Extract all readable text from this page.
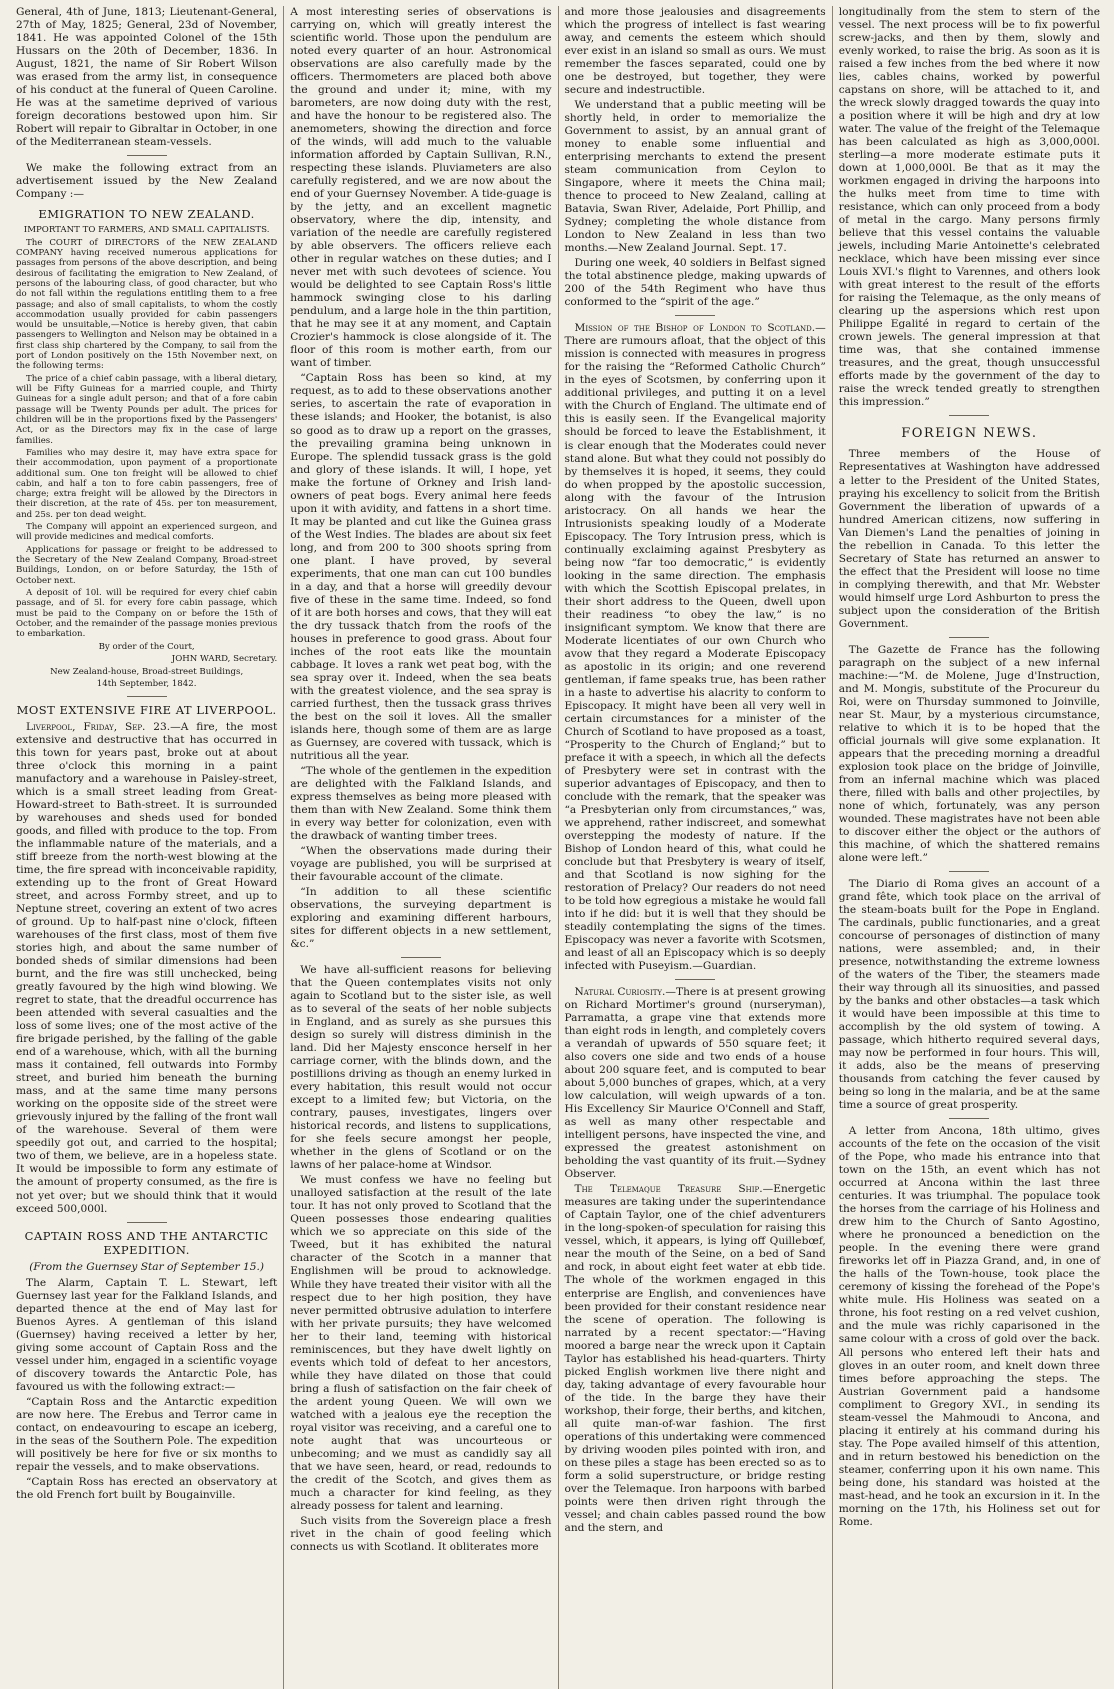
General, 4th of June, 1813; Lieutenant-General, 27th of May, 1825; General, 23d of November, 1841. He was appointed Colonel of the 15th Hussars on the 20th of December, 1836. In August, 1821, the name of Sir Robert Wilson was erased from the army list, in consequence of his conduct at the funeral of Queen Caroline. He was at the sametime deprived of various foreign decorations bestowed upon him. Sir Robert will repair to Gibraltar in October, in one of the Mediterranean steam-vessels.

We make the following extract from an advertisement issued by the New Zealand Company :—

EMIGRATION TO NEW ZEALAND.

IMPORTANT TO FARMERS, AND SMALL CAPITALISTS.

The COURT of DIRECTORS of the NEW ZEALAND COMPANY having received numerous applications for passages from persons of the above description, and being desirous of facilitating the emigration to New Zealand, of persons of the labouring class, of good character, but who do not fall within the regulations entitling them to a free passage; and also of small capitalists, to whom the costly accommodation usually provided for cabin passengers would be unsuitable,—Notice is hereby given, that cabin passengers to Wellington and Nelson may be obtained in a first class ship chartered by the Company, to sail from the port of London positively on the 15th November next, on the following terms:

The price of a chief cabin passage, with a liberal dietary, will be Fifty Guineas for a married couple, and Thirty Guineas for a single adult person; and that of a fore cabin passage will be Twenty Pounds per adult. The prices for children will be in the proportions fixed by the Passengers' Act, or as the Directors may fix in the case of large families.

Families who may desire it, may have extra space for their accommodation, upon payment of a proportionate additional sum. One ton freight will be allowed to chief cabin, and half a ton to fore cabin passengers, free of charge; extra freight will be allowed by the Directors in their discretion, at the rate of 45s. per ton measurement, and 25s. per ton dead weight.

The Company will appoint an experienced surgeon, and will provide medicines and medical comforts.

Applications for passage or freight to be addressed to the Secretary of the New Zealand Company, Broad-street Buildings, London, on or before Saturday, the 15th of October next.

A deposit of 10l. will be required for every chief cabin passage, and of 5l. for every fore cabin passage, which must be paid to the Company on or before the 15th of October, and the remainder of the passage monies previous to embarkation.

By order of the Court,

JOHN WARD, Secretary.

New Zealand-house, Broad-street Buildings,

14th September, 1842.

MOST EXTENSIVE FIRE AT LIVERPOOL.

Liverpool, Friday, Sep. 23.—A fire, the most extensive and destructive that has occurred in this town for years past, broke out at about three o'clock this morning in a paint manufactory and a warehouse in Paisley-street, which is a small street leading from Great-Howard-street to Bath-street. It is surrounded by warehouses and sheds used for bonded goods, and filled with produce to the top. From the inflammable nature of the materials, and a stiff breeze from the north-west blowing at the time, the fire spread with inconceivable rapidity, extending up to the front of Great Howard street, and across Formby street, and up to Neptune street, covering an extent of two acres of ground. Up to half-past nine o'clock, fifteen warehouses of the first class, most of them five stories high, and about the same number of bonded sheds of similar dimensions had been burnt, and the fire was still unchecked, being greatly favoured by the high wind blowing. We regret to state, that the dreadful occurrence has been attended with several casualties and the loss of some lives; one of the most active of the fire brigade perished, by the falling of the gable end of a warehouse, which, with all the burning mass it contained, fell outwards into Formby street, and buried him beneath the burning mass, and at the same time many persons working on the opposite side of the street were grievously injured by the falling of the front wall of the warehouse. Several of them were speedily got out, and carried to the hospital; two of them, we believe, are in a hopeless state. It would be impossible to form any estimate of the amount of property consumed, as the fire is not yet over; but we should think that it would exceed 500,000l.

CAPTAIN ROSS AND THE ANTARCTIC EXPEDITION.

(From the Guernsey Star of September 15.)

The Alarm, Captain T. L. Stewart, left Guernsey last year for the Falkland Islands, and departed thence at the end of May last for Buenos Ayres. A gentleman of this island (Guernsey) having received a letter by her, giving some account of Captain Ross and the vessel under him, engaged in a scientific voyage of discovery towards the Antarctic Pole, has favoured us with the following extract:—

“Captain Ross and the Antarctic expedition are now here. The Erebus and Terror came in contact, on endeavouring to escape an iceberg, in the seas of the Southern Pole. The expedition will positively be here for five or six months to repair the vessels, and to make observations.

“Captain Ross has erected an observatory at the old French fort built by Bougainville.

A most interesting series of observations is carrying on, which will greatly interest the scientific world. Those upon the pendulum are noted every quarter of an hour. Astronomical observations are also carefully made by the officers. Thermometers are placed both above the ground and under it; mine, with my barometers, are now doing duty with the rest, and have the honour to be registered also. The anemometers, showing the direction and force of the winds, will add much to the valuable information afforded by Captain Sullivan, R.N., respecting these islands. Pluviameters are also carefully registered, and we are now about the end of your Guernsey November. A tide-guage is by the jetty, and an excellent magnetic observatory, where the dip, intensity, and variation of the needle are carefully registered by able observers. The officers relieve each other in regular watches on these duties; and I never met with such devotees of science. You would be delighted to see Captain Ross's little hammock swinging close to his darling pendulum, and a large hole in the thin partition, that he may see it at any moment, and Captain Crozier's hammock is close alongside of it. The floor of this room is mother earth, from our want of timber.

“Captain Ross has been so kind, at my request, as to add to these observations another series, to ascertain the rate of evaporation in these islands; and Hooker, the botanist, is also so good as to draw up a report on the grasses, the prevailing gramina being unknown in Europe. The splendid tussack grass is the gold and glory of these islands. It will, I hope, yet make the fortune of Orkney and Irish land-owners of peat bogs. Every animal here feeds upon it with avidity, and fattens in a short time. It may be planted and cut like the Guinea grass of the West Indies. The blades are about six feet long, and from 200 to 300 shoots spring from one plant. I have proved, by several experiments, that one man can cut 100 bundles in a day, and that a horse will greedily devour five of these in the same time. Indeed, so fond of it are both horses and cows, that they will eat the dry tussack thatch from the roofs of the houses in preference to good grass. About four inches of the root eats like the mountain cabbage. It loves a rank wet peat bog, with the sea spray over it. Indeed, when the sea beats with the greatest violence, and the sea spray is carried furthest, then the tussack grass thrives the best on the soil it loves. All the smaller islands here, though some of them are as large as Guernsey, are covered with tussack, which is nutritious all the year.

“The whole of the gentlemen in the expedition are delighted with the Falkland Islands, and express themselves as being more pleased with them than with New Zealand. Some think them in every way better for colonization, even with the drawback of wanting timber trees.

“When the observations made during their voyage are published, you will be surprised at their favourable account of the climate.

“In addition to all these scientific observations, the surveying department is exploring and examining different harbours, sites for different objects in a new settlement, &c.”

We have all-sufficient reasons for believing that the Queen contemplates visits not only again to Scotland but to the sister isle, as well as to several of the seats of her noble subjects in England, and as surely as she pursues this design so surely will distress diminish in the land. Did her Majesty ensconce herself in her carriage corner, with the blinds down, and the postillions driving as though an enemy lurked in every habitation, this result would not occur except to a limited few; but Victoria, on the contrary, pauses, investigates, lingers over historical records, and listens to supplications, for she feels secure amongst her people, whether in the glens of Scotland or on the lawns of her palace-home at Windsor.

We must confess we have no feeling but unalloyed satisfaction at the result of the late tour. It has not only proved to Scotland that the Queen possesses those endearing qualities which we so appreciate on this side of the Tweed, but it has exhibited the natural character of the Scotch in a manner that Englishmen will be proud to acknowledge. While they have treated their visitor with all the respect due to her high position, they have never permitted obtrusive adulation to interfere with her private pursuits; they have welcomed her to their land, teeming with historical reminiscences, but they have dwelt lightly on events which told of defeat to her ancestors, while they have dilated on those that could bring a flush of satisfaction on the fair cheek of the ardent young Queen. We will own we watched with a jealous eye the reception the royal visitor was receiving, and a careful one to note aught that was uncourteous or unbecoming; and we must as candidly say all that we have seen, heard, or read, redounds to the credit of the Scotch, and gives them as much a character for kind feeling, as they already possess for talent and learning.

Such visits from the Sovereign place a fresh rivet in the chain of good feeling which connects us with Scotland. It obliterates more

and more those jealousies and disagreements which the progress of intellect is fast wearing away, and cements the esteem which should ever exist in an island so small as ours. We must remember the fasces separated, could one by one be destroyed, but together, they were secure and indestructible.

We understand that a public meeting will be shortly held, in order to memorialize the Government to assist, by an annual grant of money to enable some influential and enterprising merchants to extend the present steam communication from Ceylon to Singapore, where it meets the China mail; thence to proceed to New Zealand, calling at Batavia, Swan River, Adelaide, Port Phillip, and Sydney; completing the whole distance from London to New Zealand in less than two months.—New Zealand Journal. Sept. 17.

During one week, 40 soldiers in Belfast signed the total abstinence pledge, making upwards of 200 of the 54th Regiment who have thus conformed to the “spirit of the age.”

Mission of the Bishop of London to Scotland.—There are rumours afloat, that the object of this mission is connected with measures in progress for the raising the “Reformed Catholic Church” in the eyes of Scotsmen, by conferring upon it additional privileges, and putting it on a level with the Church of England. The ultimate end of this is easily seen. If the Evangelical majority should be forced to leave the Establishment, it is clear enough that the Moderates could never stand alone. But what they could not possibly do by themselves it is hoped, it seems, they could do when propped by the apostolic succession, along with the favour of the Intrusion aristocracy. On all hands we hear the Intrusionists speaking loudly of a Moderate Episcopacy. The Tory Intrusion press, which is continually exclaiming against Presbytery as being now “far too democratic,” is evidently looking in the same direction. The emphasis with which the Scottish Episcopal prelates, in their short address to the Queen, dwell upon their readiness “to obey the law,” is no insignificant symptom. We know that there are Moderate licentiates of our own Church who avow that they regard a Moderate Episcopacy as apostolic in its origin; and one reverend gentleman, if fame speaks true, has been rather in a haste to advertise his alacrity to conform to Episcopacy. It might have been all very well in certain circumstances for a minister of the Church of Scotland to have proposed as a toast, “Prosperity to the Church of England;” but to preface it with a speech, in which all the defects of Presbytery were set in contrast with the superior advantages of Episcopacy, and then to conclude with the remark, that the speaker was “a Presbyterian only from circumstances,” was, we apprehend, rather indiscreet, and somewhat overstepping the modesty of nature. If the Bishop of London heard of this, what could he conclude but that Presbytery is weary of itself, and that Scotland is now sighing for the restoration of Prelacy? Our readers do not need to be told how egregious a mistake he would fall into if he did: but it is well that they should be steadily contemplating the signs of the times. Episcopacy was never a favorite with Scotsmen, and least of all an Episcopacy which is so deeply infected with Puseyism.—Guardian.

Natural Curiosity.—There is at present growing on Richard Mortimer's ground (nurseryman), Parramatta, a grape vine that extends more than eight rods in length, and completely covers a verandah of upwards of 550 square feet; it also covers one side and two ends of a house about 200 square feet, and is computed to bear about 5,000 bunches of grapes, which, at a very low calculation, will weigh upwards of a ton. His Excellency Sir Maurice O'Connell and Staff, as well as many other respectable and intelligent persons, have inspected the vine, and expressed the greatest astonishment on beholding the vast quantity of its fruit.—Sydney Observer.

The Telemaque Treasure Ship.—Energetic measures are taking under the superintendance of Captain Taylor, one of the chief adventurers in the long-spoken-of speculation for raising this vessel, which, it appears, is lying off Quillebœf, near the mouth of the Seine, on a bed of Sand and rock, in about eight feet water at ebb tide. The whole of the workmen engaged in this enterprise are English, and conveniences have been provided for their constant residence near the scene of operation. The following is narrated by a recent spectator:—“Having moored a barge near the wreck upon it Captain Taylor has established his head-quarters. Thirty picked English workmen live there night and day, taking advantage of every favourable hour of the tide. In the barge they have their workshop, their forge, their berths, and kitchen, all quite man-of-war fashion. The first operations of this undertaking were commenced by driving wooden piles pointed with iron, and on these piles a stage has been erected so as to form a solid superstructure, or bridge resting over the Telemaque. Iron harpoons with barbed points were then driven right through the vessel; and chain cables passed round the bow and the stern, and

longitudinally from the stem to stern of the vessel. The next process will be to fix powerful screw-jacks, and then by them, slowly and evenly worked, to raise the brig. As soon as it is raised a few inches from the bed where it now lies, cables chains, worked by powerful capstans on shore, will be attached to it, and the wreck slowly dragged towards the quay into a position where it will be high and dry at low water. The value of the freight of the Telemaque has been calculated as high as 3,000,000l. sterling—a more moderate estimate puts it down at 1,000,000l. Be that as it may the workmen engaged in driving the harpoons into the hulks meet from time to time with resistance, which can only proceed from a body of metal in the cargo. Many persons firmly believe that this vessel contains the valuable jewels, including Marie Antoinette's celebrated necklace, which have been missing ever since Louis XVI.'s flight to Varennes, and others look with great interest to the result of the efforts for raising the Telemaque, as the only means of clearing up the aspersions which rest upon Philippe Egalité in regard to certain of the crown jewels. The general impression at that time was, that she contained immense treasures, and the great, though unsuccessful efforts made by the government of the day to raise the wreck tended greatly to strengthen this impression.”

FOREIGN NEWS.

Three members of the House of Representatives at Washington have addressed a letter to the President of the United States, praying his excellency to solicit from the British Government the liberation of upwards of a hundred American citizens, now suffering in Van Diemen's Land the penalties of joining in the rebellion in Canada. To this letter the Secretary of State has returned an answer to the effect that the President will loose no time in complying therewith, and that Mr. Webster would himself urge Lord Ashburton to press the subject upon the consideration of the British Government.

The Gazette de France has the following paragraph on the subject of a new infernal machine:—“M. de Molene, Juge d'Instruction, and M. Mongis, substitute of the Procureur du Roi, were on Thursday summoned to Joinville, near St. Maur, by a mysterious circumstance, relative to which it is to be hoped that the official journals will give some explanation. It appears that the preceding morning a dreadful explosion took place on the bridge of Joinville, from an infernal machine which was placed there, filled with balls and other projectiles, by none of which, fortunately, was any person wounded. These magistrates have not been able to discover either the object or the authors of this machine, of which the shattered remains alone were left.”

The Diario di Roma gives an account of a grand fête, which took place on the arrival of the steam-boats built for the Pope in England. The cardinals, public functionaries, and a great concourse of personages of distinction of many nations, were assembled; and, in their presence, notwithstanding the extreme lowness of the waters of the Tiber, the steamers made their way through all its sinuosities, and passed by the banks and other obstacles—a task which it would have been impossible at this time to accomplish by the old system of towing. A passage, which hitherto required several days, may now be performed in four hours. This will, it adds, also be the means of preserving thousands from catching the fever caused by being so long in the malaria, and be at the same time a source of great prosperity.

A letter from Ancona, 18th ultimo, gives accounts of the fete on the occasion of the visit of the Pope, who made his entrance into that town on the 15th, an event which has not occurred at Ancona within the last three centuries. It was triumphal. The populace took the horses from the carriage of his Holiness and drew him to the Church of Santo Agostino, where he pronounced a benediction on the people. In the evening there were grand fireworks let off in Piazza Grand, and, in one of the halls of the Town-house, took place the ceremony of kissing the forehead of the Pope's white mule. His Holiness was seated on a throne, his foot resting on a red velvet cushion, and the mule was richly caparisoned in the same colour with a cross of gold over the back. All persons who entered left their hats and gloves in an outer room, and knelt down three times before approaching the steps. The Austrian Government paid a handsome compliment to Gregory XVI., in sending its steam-vessel the Mahmoudi to Ancona, and placing it entirely at his command during his stay. The Pope availed himself of this attention, and in return bestowed his benediction on the steamer, conferring upon it his own name. This being done, his standard was hoisted at the mast-head, and he took an excursion in it. In the morning on the 17th, his Holiness set out for Rome.
